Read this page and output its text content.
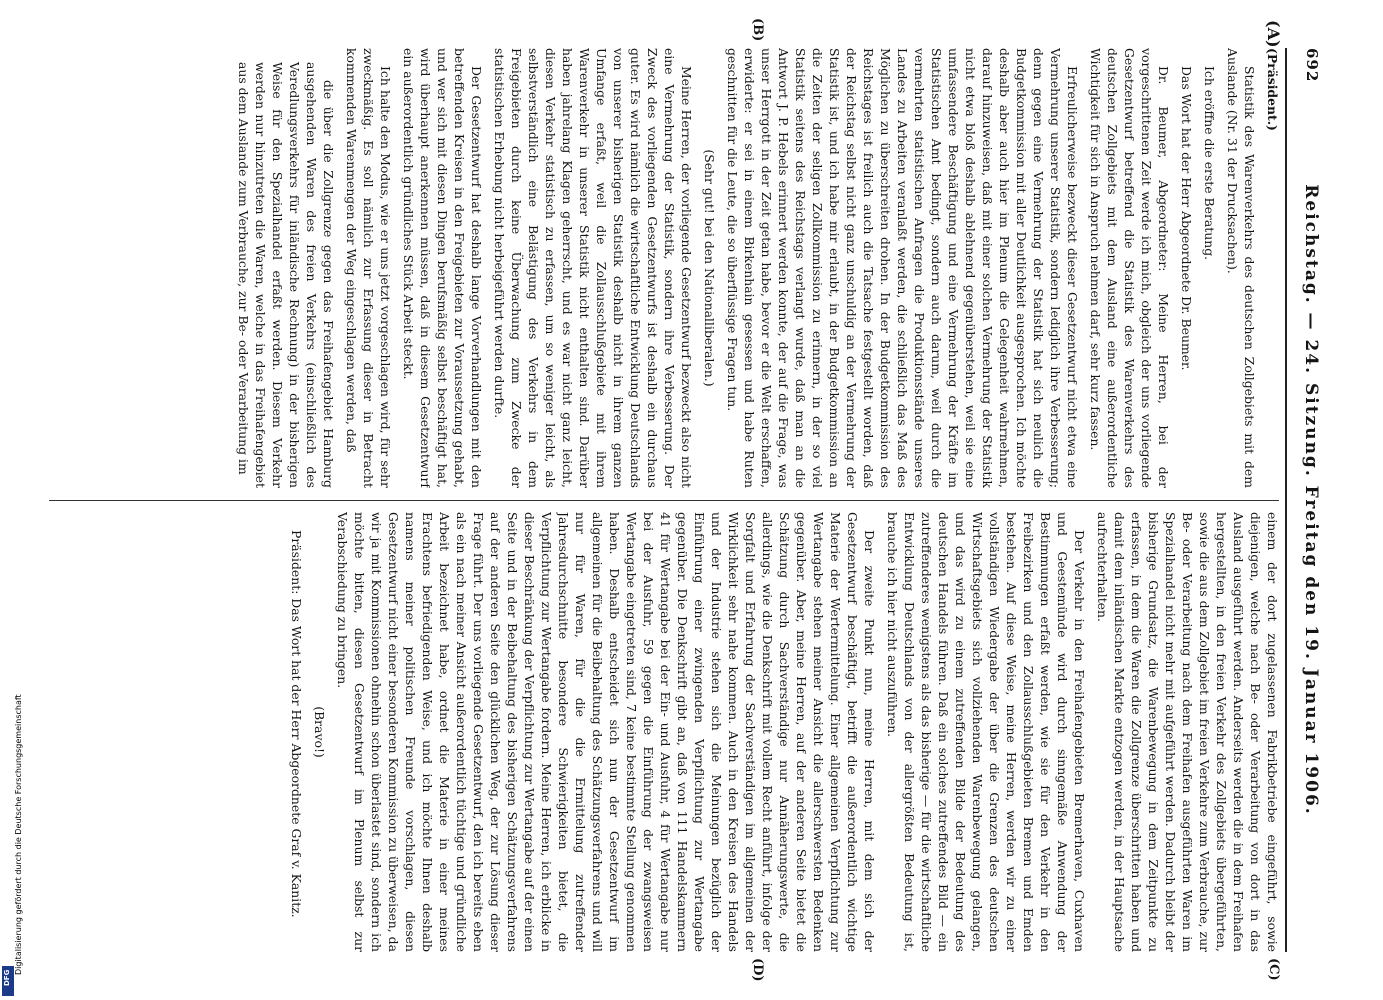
692
Reichstag. — 24. Sitzung. Freitag den 19. Januar 1906.
(A)
(B)
(C)
(D)

(Präsident.)

Statistik des Warenverkehrs des deutschen Zollgebiets mit dem Auslande (Nr. 31 der Drucksachen).

Ich eröffne die erste Beratung.

Das Wort hat der Herr Abgeordnete Dr. Beumer.

Dr. Beumer, Abgeordneter: Meine Herren, bei der vorgeschrittenen Zeit werde ich mich, obgleich der uns vorliegende Gesetzentwurf betreffend die Statistik des Warenverkehrs des deutschen Zollgebiets mit dem Ausland eine außerordentliche Wichtigkeit für sich in Anspruch nehmen darf, sehr kurz fassen.

Erfreulicherweise bezweckt dieser Gesetzentwurf nicht etwa eine Vermehrung unserer Statistik, sondern lediglich ihre Verbesserung; denn gegen eine Vermehrung der Statistik hat sich neulich die Budgetkommission mit aller Deutlichkeit ausgesprochen. Ich möchte deshalb aber auch hier im Plenum die Gelegenheit wahrnehmen, darauf hinzuweisen, daß mit einer solchen Vermehrung der Statistik nicht etwa bloß deshalb ablehnend gegenüberstehen, weil sie eine umfassendere Beschäftigung und eine Vermehrung der Kräfte im Statistischen Amt bedingt, sondern auch darum, weil durch die vermehrten statistischen Anfragen die Produktionsstände unseres Landes zu Arbeiten veranlaßt werden, die schließlich das Maß des Möglichen zu überschreiten drohen. In der Budgetkommission des Reichstages ist freilich auch die Tatsache festgestellt worden, daß der Reichstag selbst nicht ganz unschuldig an der Vermehrung der Statistik ist, und ich habe mir erlaubt, in der Budgetkommission an die Zeiten der seligen Zollkommission zu erinnern, in der so viel Statistik seitens des Reichstags verlangt wurde, daß man an die Antwort J. P. Hebels erinnert werden konnte, der auf die Frage, was unser Herrgott in der Zeit getan habe, bevor er die Welt erschaffen, erwiderte: er sei in einem Birkenhain gesessen und habe Ruten geschnitten für die Leute, die so überflüssige Fragen tun.

(Sehr gut! bei den Nationalliberalen.)

Meine Herren, der vorliegende Gesetzentwurf bezweckt also nicht eine Vermehrung der Statistik, sondern ihre Verbesserung. Der Zweck des vorliegenden Gesetzentwurfs ist deshalb ein durchaus guter. Es wird nämlich die wirtschaftliche Entwicklung Deutschlands von unserer bisherigen Statistik deshalb nicht in ihrem ganzen Umfange erfaßt, weil die Zollausschlußgebiete mit ihrem Warenverkehr in unserer Statistik nicht enthalten sind. Darüber haben jahrelang Klagen geherrscht, und es war nicht ganz leicht, diesen Verkehr statistisch zu erfassen, um so weniger leicht, als selbstverständlich eine Belästigung des Verkehrs in dem Freigebieten durch keine Überwachung zum Zwecke der statistischen Erhebung nicht herbeigeführt werden durfte.

Der Gesetzentwurf hat deshalb lange Vorverhandlungen mit den betreffenden Kreisen in den Freigebieten zur Voraussetzung gehabt, und wer sich mit diesen Dingen berufsmäßig selbst beschäftigt hat, wird überhaupt anerkennen müssen, daß in diesem Gesetzentwurf ein außerordentlich gründliches Stück Arbeit steckt.

Ich halte den Modus, wie er uns jetzt vorgeschlagen wird, für sehr zweckmäßig. Es soll nämlich zur Erfassung dieser in Betracht kommenden Warenmengen der Weg eingeschlagen werden, daß

die über die Zollgrenze gegen das Freihafengebiet Hamburg ausgehenden Waren des freien Verkehrs (einschließlich des Veredlungsverkehrs für inländische Rechnung) in der bisherigen Weise für den Spezialhandel erfaßt werden. Diesem Verkehr werden nur hinzutreten die Waren, welche in das Freihafengebiet aus dem Auslande zum Verbrauche, zur Be- oder Verarbeitung im

einem der dort zugelassenen Fabrikbetriebe eingeführt, sowie diejenigen, welche nach Be- oder Verarbeitung von dort in das Ausland ausgeführt werden. Anderseits werden die in dem Freihafen hergestellten, in den freien Verkehr des Zollgebiets übergeführten, sowie die aus dem Zollgebiet im freien Verkehre zum Verbrauche, zur Be- oder Verarbeitung nach dem Freihafen ausgeführten Waren im Spezialhandel nicht mehr mit aufgeführt werden. Dadurch bleibt der bisherige Grundsatz, die Warenbewegung in dem Zeitpunkte zu erfassen, in dem die Waren die Zollgrenze überschritten haben und damit dem inländischen Markte entzogen werden, in der Hauptsache aufrechterhalten.

Der Verkehr in den Freihafengebieten Bremerhaven, Cuxhaven und Geestemünde wird durch sinngemäße Anwendung der Bestimmungen erfaßt werden, wie sie für den Verkehr in den Freibezirken und den Zollausschlußgebieten Bremen und Emden bestehen. Auf diese Weise, meine Herren, werden wir zu einer vollständigen Wiedergabe der über die Grenzen des deutschen Wirtschaftsgebiets sich vollziehenden Warenbewegung gelangen, und das wird zu einem zutreffenden Bilde der Bedeutung des deutschen Handels führen. Daß ein solches zutreffendes Bild — ein zutreffenderes wenigstens als das bisherige — für die wirtschaftliche Entwicklung Deutschlands von der allergrößten Bedeutung ist, brauche ich hier nicht auszuführen.

Der zweite Punkt nun, meine Herren, mit dem sich der Gesetzentwurf beschäftigt, betrifft die außerordentlich wichtige Materie der Wertermittelung. Einer allgemeinen Verpflichtung zur Wertangabe stehen meiner Ansicht die allerschwersten Bedenken gegenüber. Aber, meine Herren, auf der anderen Seite bietet die Schätzung durch Sachverständige nur Annäherungswerte, die allerdings, wie die Denkschrift mit vollem Recht anführt, infolge der Sorgfalt und Erfahrung der Sachverständigen im allgemeinen der Wirklichkeit sehr nahe kommen. Auch in den Kreisen des Handels und der Industrie stehen sich die Meinungen bezüglich der Einführung einer zwingenden Verpflichtung zur Wertangabe gegenüber. Die Denkschrift gibt an, daß von 111 Handelskammern 41 für Wertangabe bei der Ein- und Ausfuhr, 4 für Wertangabe nur bei der Ausfuhr, 59 gegen die Einführung der zwangsweisen Wertangabe eingetreten sind, 7 keine bestimmte Stellung genommen haben. Deshalb entscheidet sich nun der Gesetzentwurf im allgemeinen für die Beibehaltung des Schätzungsverfahrens und will nur für Waren, für die die Ermittelung zutreffender Jahresdurchschnitte besondere Schwierigkeiten bietet, die Verpflichtung zur Wertangabe fordern. Meine Herren, ich erblicke in dieser Beschränkung der Verpflichtung zur Wertangabe auf der einen Seite und in der Beibehaltung des bisherigen Schätzungsverfahrens auf der anderen Seite den glücklichen Weg, der zur Lösung dieser Frage führt. Der uns vorliegende Gesetzentwurf, den ich bereits eben als ein nach meiner Ansicht außerordentlich tüchtige und gründliche Arbeit bezeichnet habe, ordnet die Materie in einer meines Erachtens befriedigenden Weise, und ich möchte Ihnen deshalb namens meiner politischen Freunde vorschlagen, diesen Gesetzentwurf nicht einer besonderen Kommission zu überweisen, da wir ja mit Kommissionen ohnehin schon überlastet sind, sondern ich möchte bitten, diesen Gesetzentwurf im Plenum selbst zur Verabschiedung zu bringen.

(Bravo!)

Präsident: Das Wort hat der Herr Abgeordnete Graf v. Kanitz.

Digitalisierung gefördert durch die Deutsche Forschungsgemeinschaft
DFG
